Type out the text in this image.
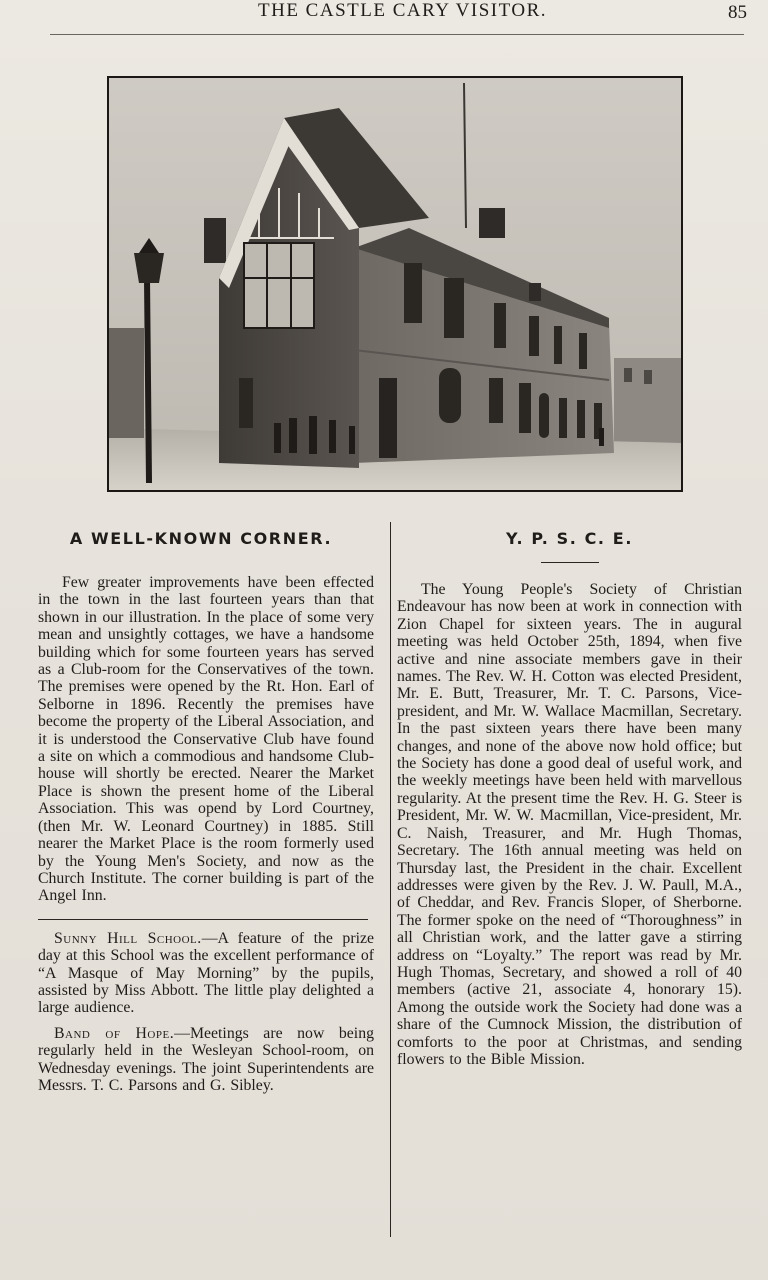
THE CASTLE CARY VISITOR.	85
A WELL-KNOWN CORNER.

Few greater improvements have been effected in the town in the last fourteen years than that shown in our illustration. In the place of some very mean and unsightly cottages, we have a handsome building which for some fourteen years has served as a Club-room for the Conservatives of the town. The premises were opened by the Rt. Hon. Earl of Selborne in 1896. Recently the premises have become the property of the Liberal Association, and it is understood the Conservative Club have found a site on which a commodious and handsome Club-house will shortly be erected. Nearer the Market Place is shown the present home of the Liberal Association. This was opend by Lord Courtney, (then Mr. W. Leonard Courtney) in 1885. Still nearer the Market Place is the room formerly used by the Young Men's Society, and now as the Church Institute. The corner building is part of the Angel Inn.

Sunny Hill School.—A feature of the prize day at this School was the excellent performance of “A Masque of May Morning” by the pupils, assisted by Miss Abbott. The little play delighted a large audience.

Band of Hope.—Meetings are now being regularly held in the Wesleyan School-room, on Wednesday evenings. The joint Superintendents are Messrs. T. C. Parsons and G. Sibley.

Y. P. S. C. E.

The Young People's Society of Christian Endeavour has now been at work in connection with Zion Chapel for sixteen years. The in augural meeting was held October 25th, 1894, when five active and nine associate members gave in their names. The Rev. W. H. Cotton was elected President, Mr. E. Butt, Treasurer, Mr. T. C. Parsons, Vice-president, and Mr. W. Wallace Macmillan, Secretary. In the past sixteen years there have been many changes, and none of the above now hold office; but the Society has done a good deal of useful work, and the weekly meetings have been held with marvellous regularity. At the present time the Rev. H. G. Steer is President, Mr. W. W. Macmillan, Vice-president, Mr. C. Naish, Treasurer, and Mr. Hugh Thomas, Secretary. The 16th annual meeting was held on Thursday last, the President in the chair. Excellent addresses were given by the Rev. J. W. Paull, M.A., of Cheddar, and Rev. Francis Sloper, of Sherborne. The former spoke on the need of “Thoroughness” in all Christian work, and the latter gave a stirring address on “Loyalty.” The report was read by Mr. Hugh Thomas, Secretary, and showed a roll of 40 members (active 21, associate 4, honorary 15). Among the outside work the Society had done was a share of the Cumnock Mission, the distribution of comforts to the poor at Christmas, and sending flowers to the Bible Mission.
